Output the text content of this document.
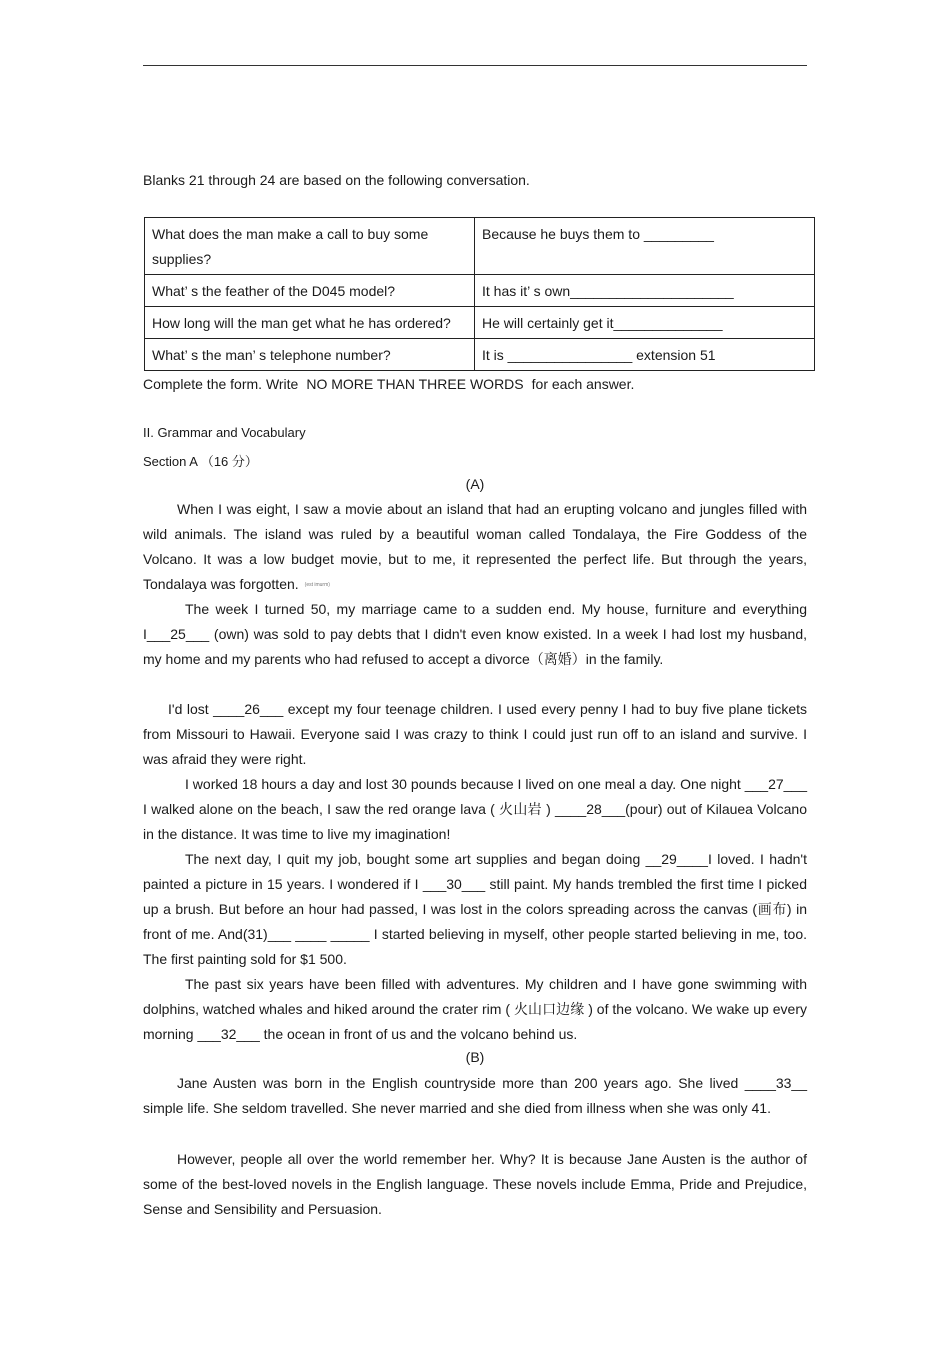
Blanks 21 through 24 are based on the following conversation.
What does the man make a call to buy some supplies?	Because he buys them to _________
What’ s the feather of the D045 model?	It has it’ s own_____________________
How long will the man get what he has ordered?	He will certainly get it______________
What’ s the man’ s telephone number?	It is ________________ extension 51
Complete the form. Write NO MORE THAN THREE WORDS for each answer.
II. Grammar and Vocabulary
Section A （16 分）
(A)

When I was eight, I saw a movie about an island that had an erupting volcano and jungles filled with wild animals. The island was ruled by a beautiful woman called Tondalaya, the Fire Goddess of the Volcano. It was a low budget movie, but to me, it represented the perfect life. But through the years, Tondalaya was forgotten. (est imurm)

The week I turned 50, my marriage came to a sudden end. My house, furniture and everything I___25___ (own) was sold to pay debts that I didn't even know existed. In a week I had lost my husband, my home and my parents who had refused to accept a divorce（离婚）in the family.

I'd lost ____26___ except my four teenage children. I used every penny I had to buy five plane tickets from Missouri to Hawaii. Everyone said I was crazy to think I could just run off to an island and survive. I was afraid they were right.

I worked 18 hours a day and lost 30 pounds because I lived on one meal a day. One night ___27___ I walked alone on the beach, I saw the red orange lava ( 火山岩 ) ____28___(pour) out of Kilauea Volcano in the distance. It was time to live my imagination!

The next day, I quit my job, bought some art supplies and began doing __29____I loved. I hadn't painted a picture in 15 years. I wondered if I ___30___ still paint. My hands trembled the first time I picked up a brush. But before an hour had passed, I was lost in the colors spreading across the canvas (画布) in front of me. And(31)___ ____ _____ I started believing in myself, other people started believing in me, too. The first painting sold for $1 500.

The past six years have been filled with adventures. My children and I have gone swimming with dolphins, watched whales and hiked around the crater rim ( 火山口边缘 ) of the volcano. We wake up every morning ___32___ the ocean in front of us and the volcano behind us.

(B)

Jane Austen was born in the English countryside more than 200 years ago. She lived ____33__ simple life. She seldom travelled. She never married and she died from illness when she was only 41.

However, people all over the world remember her. Why? It is because Jane Austen is the author of some of the best-loved novels in the English language. These novels include Emma, Pride and Prejudice, Sense and Sensibility and Persuasion.
